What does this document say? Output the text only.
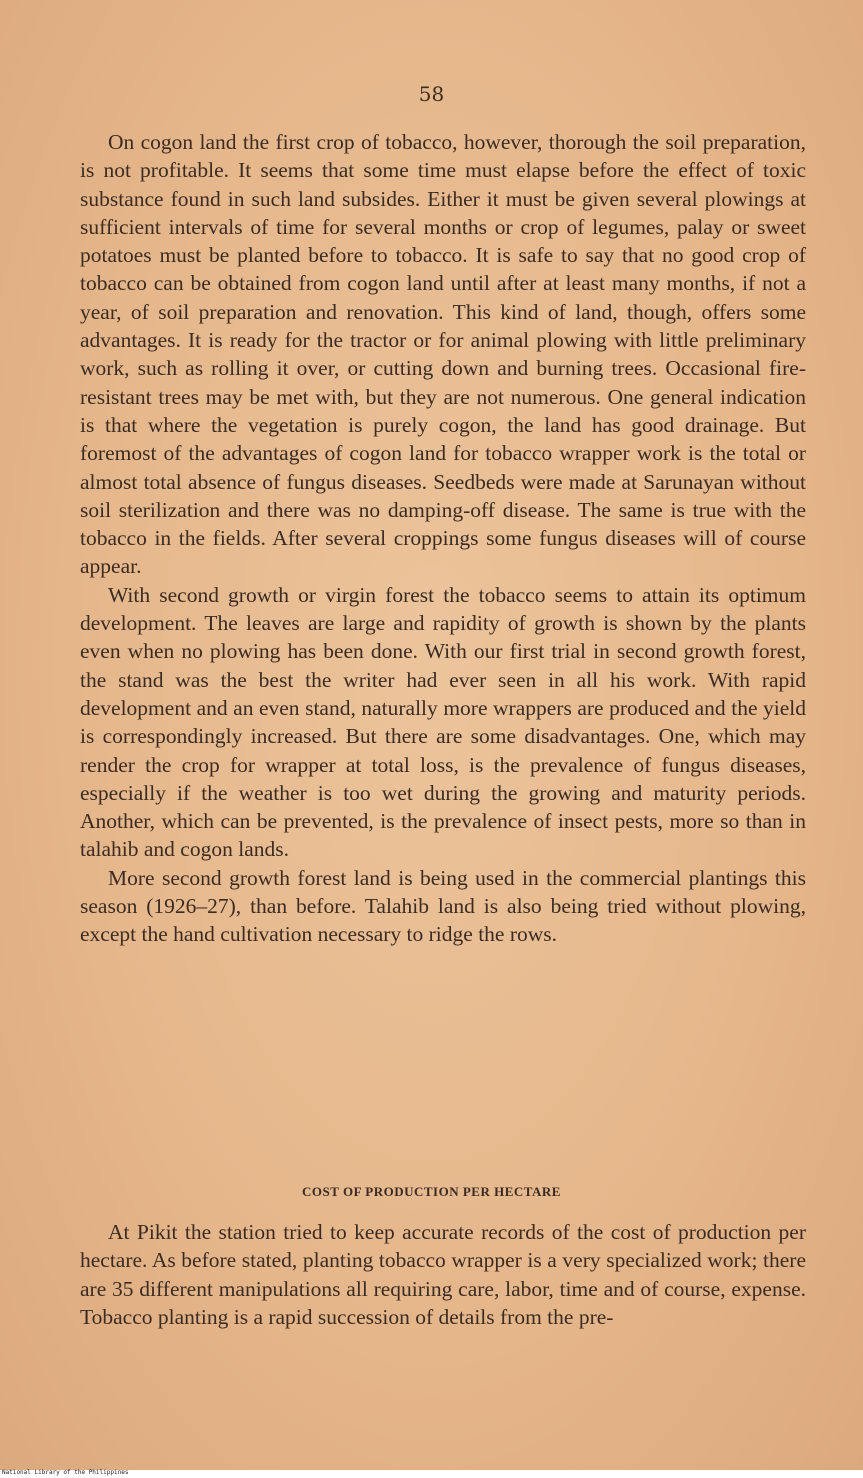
58

On cogon land the first crop of tobacco, however, thorough the soil preparation, is not profitable. It seems that some time must elapse before the effect of toxic substance found in such land subsides. Either it must be given several plowings at sufficient intervals of time for several months or crop of legumes, palay or sweet potatoes must be planted before to tobacco. It is safe to say that no good crop of tobacco can be obtained from cogon land until after at least many months, if not a year, of soil preparation and renovation. This kind of land, though, offers some advantages. It is ready for the tractor or for animal plowing with little preliminary work, such as rolling it over, or cutting down and burning trees. Occasional fire-resistant trees may be met with, but they are not numerous. One general indication is that where the vegetation is purely cogon, the land has good drainage. But foremost of the advantages of cogon land for tobacco wrapper work is the total or almost total absence of fungus diseases. Seedbeds were made at Sarunayan without soil sterilization and there was no damping-off disease. The same is true with the tobacco in the fields. After several croppings some fungus diseases will of course appear.

With second growth or virgin forest the tobacco seems to attain its optimum development. The leaves are large and rapidity of growth is shown by the plants even when no plowing has been done. With our first trial in second growth forest, the stand was the best the writer had ever seen in all his work. With rapid development and an even stand, naturally more wrappers are produced and the yield is correspondingly increased. But there are some disadvantages. One, which may render the crop for wrapper at total loss, is the prevalence of fungus diseases, especially if the weather is too wet during the growing and maturity periods. Another, which can be prevented, is the prevalence of insect pests, more so than in talahib and cogon lands.

More second growth forest land is being used in the commercial plantings this season (1926–27), than before. Talahib land is also being tried without plowing, except the hand cultivation necessary to ridge the rows.

COST OF PRODUCTION PER HECTARE

At Pikit the station tried to keep accurate records of the cost of production per hectare. As before stated, planting tobacco wrapper is a very specialized work; there are 35 different manipulations all requiring care, labor, time and of course, expense. Tobacco planting is a rapid succession of details from the pre-

National Library of the Philippines
